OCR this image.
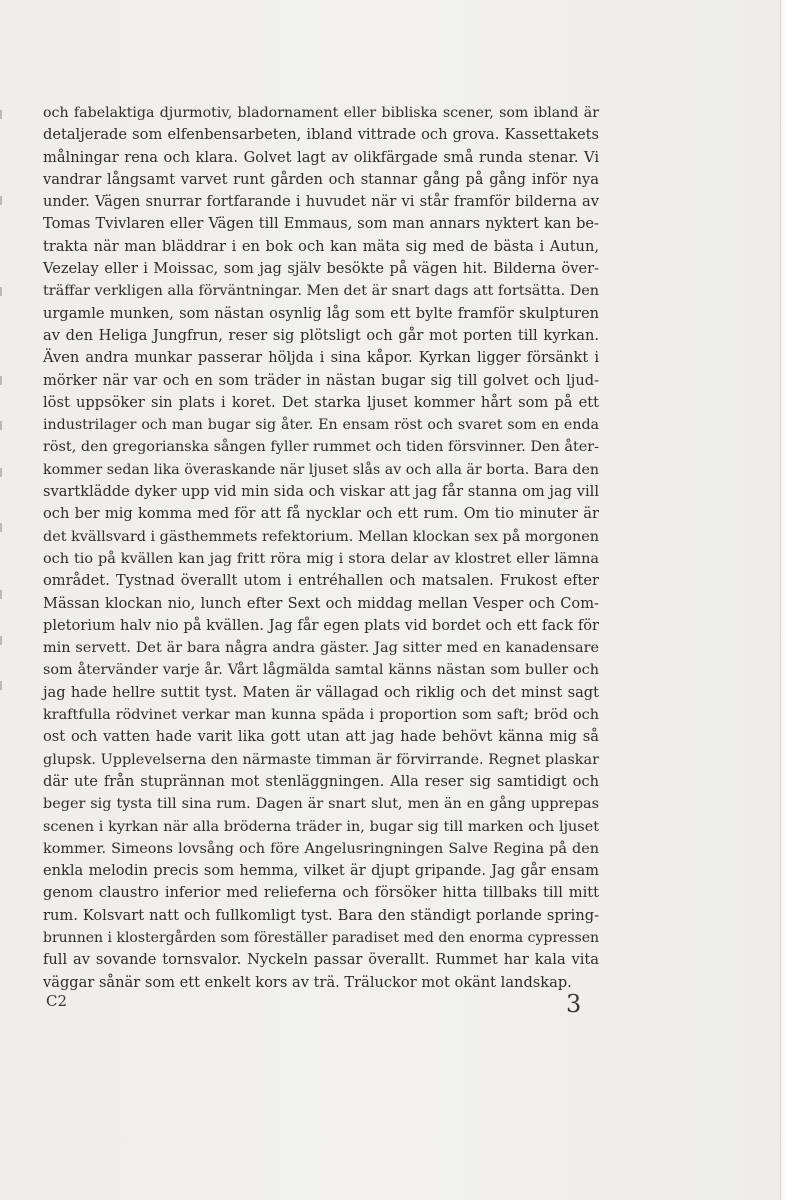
och fabelaktiga djurmotiv, bladornament eller bibliska scener, som ibland är
detaljerade som elfenbensarbeten, ibland vittrade och grova. Kassettakets
målningar rena och klara. Golvet lagt av olikfärgade små runda stenar. Vi
vandrar långsamt varvet runt gården och stannar gång på gång inför nya
under. Vägen snurrar fortfarande i huvudet när vi står framför bilderna av
Tomas Tvivlaren eller Vägen till Emmaus, som man annars nyktert kan be-
trakta när man bläddrar i en bok och kan mäta sig med de bästa i Autun,
Vezelay eller i Moissac, som jag själv besökte på vägen hit. Bilderna över-
träffar verkligen alla förväntningar. Men det är snart dags att fortsätta. Den
urgamle munken, som nästan osynlig låg som ett bylte framför skulpturen
av den Heliga Jungfrun, reser sig plötsligt och går mot porten till kyrkan.
Även andra munkar passerar höljda i sina kåpor. Kyrkan ligger försänkt i
mörker när var och en som träder in nästan bugar sig till golvet och ljud-
löst uppsöker sin plats i koret. Det starka ljuset kommer hårt som på ett
industrilager och man bugar sig åter. En ensam röst och svaret som en enda
röst, den gregorianska sången fyller rummet och tiden försvinner. Den åter-
kommer sedan lika överaskande när ljuset slås av och alla är borta. Bara den
svartklädde dyker upp vid min sida och viskar att jag får stanna om jag vill
och ber mig komma med för att få nycklar och ett rum. Om tio minuter är
det kvällsvard i gästhemmets refektorium. Mellan klockan sex på morgonen
och tio på kvällen kan jag fritt röra mig i stora delar av klostret eller lämna
området. Tystnad överallt utom i entréhallen och matsalen. Frukost efter
Mässan klockan nio, lunch efter Sext och middag mellan Vesper och Com-
pletorium halv nio på kvällen. Jag får egen plats vid bordet och ett fack för
min servett. Det är bara några andra gäster. Jag sitter med en kanadensare
som återvänder varje år. Vårt lågmälda samtal känns nästan som buller och
jag hade hellre suttit tyst. Maten är vällagad och riklig och det minst sagt
kraftfulla rödvinet verkar man kunna späda i proportion som saft; bröd och
ost och vatten hade varit lika gott utan att jag hade behövt känna mig så
glupsk. Upplevelserna den närmaste timman är förvirrande. Regnet plaskar
där ute från stuprännan mot stenläggningen. Alla reser sig samtidigt och
beger sig tysta till sina rum. Dagen är snart slut, men än en gång upprepas
scenen i kyrkan när alla bröderna träder in, bugar sig till marken och ljuset
kommer. Simeons lovsång och före Angelusringningen Salve Regina på den
enkla melodin precis som hemma, vilket är djupt gripande. Jag går ensam
genom claustro inferior med relieferna och försöker hitta tillbaks till mitt
rum. Kolsvart natt och fullkomligt tyst. Bara den ständigt porlande spring-
brunnen i klostergården som föreställer paradiset med den enorma cypressen
full av sovande tornsvalor. Nyckeln passar överallt. Rummet har kala vita
väggar sånär som ett enkelt kors av trä. Träluckor mot okänt landskap.
C2	3
